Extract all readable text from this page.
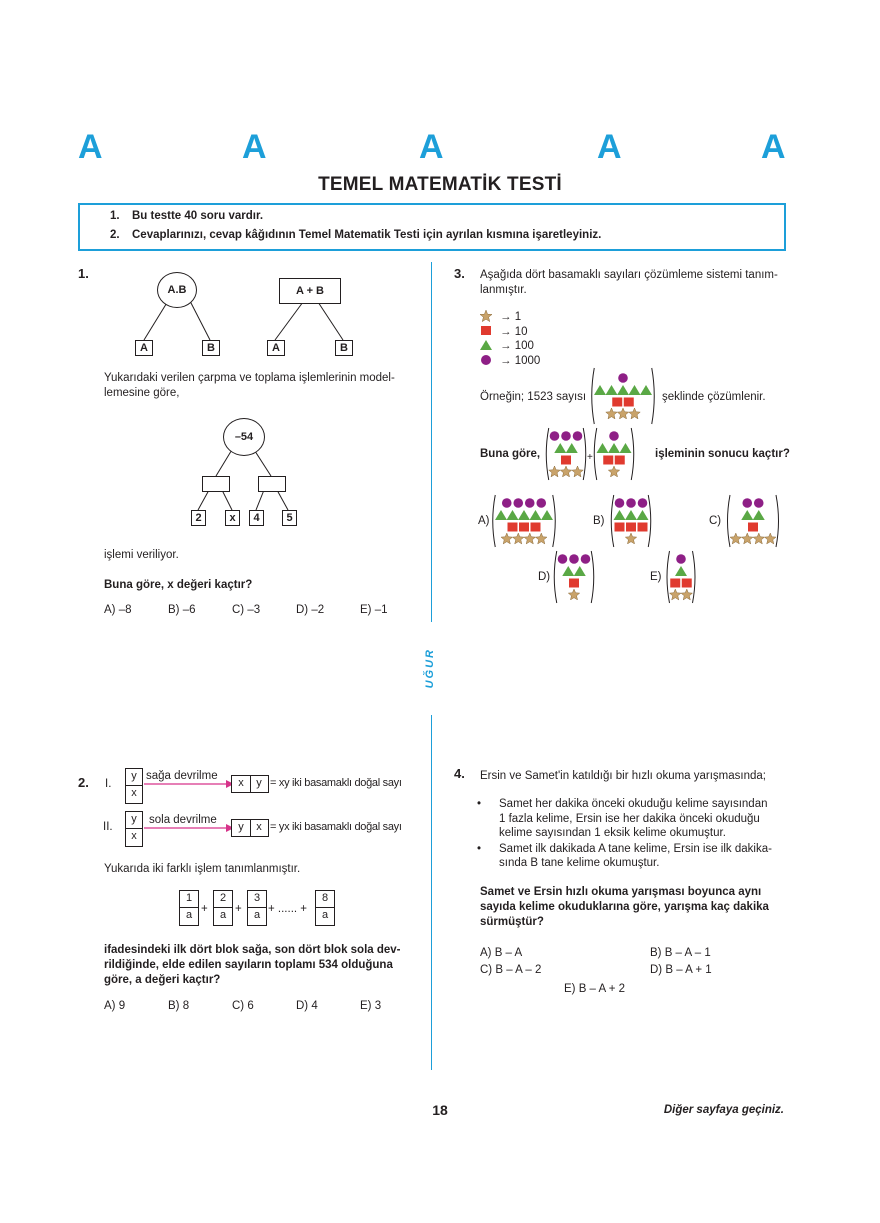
A	A	A	A	A
TEMEL MATEMATİK TESTİ
1. Bu testte 40 soru vardır.
2. Cevaplarınızı, cevap kâğıdının Temel Matematik Testi için ayrılan kısmına işaretleyiniz.
UĞUR
1.
A.B
A	B
A + B
A	B
Yukarıdaki verilen çarpma ve toplama işlemlerinin model-
lemesine göre,
–54
2	x	4	5
işlemi veriliyor.
Buna göre, x değeri kaçtır?
A) –8	B) –6	C) –3	D) –2	E) –1
2. I.
y
x
sağa devrilme
x	y = xy iki basamaklı doğal sayı
II.
y
x
sola devrilme
y	x = yx iki basamaklı doğal sayı
Yukarıda iki farklı işlem tanımlanmıştır.
1
a +
2
a +
3
a + ...... +
8
a
ifadesindeki ilk dört blok sağa, son dört blok sola dev-
rildiğinde, elde edilen sayıların toplamı 534 olduğuna
göre, a değeri kaçtır?
A) 9	B) 8	C) 6	D) 4	E) 3
3. Aşağıda dört basamaklı sayıları çözümleme sistemi tanım-
lanmıştır.
→ 1
→ 10
→ 100
→ 1000
Örneğin; 1523 sayısı	şeklinde çözümlenir.
Buna göre,	işleminin sonucu kaçtır?
+
A)	B)	C)
D)	E)
4. Ersin ve Samet'in katıldığı bir hızlı okuma yarışmasında;
• Samet her dakika önceki okuduğu kelime sayısından
1 fazla kelime, Ersin ise her dakika önceki okuduğu
kelime sayısından 1 eksik kelime okumuştur.
• Samet ilk dakikada A tane kelime, Ersin ise ilk dakika-
sında B tane kelime okumuştur.
Samet ve Ersin hızlı okuma yarışması boyunca aynı
sayıda kelime okuduklarına göre, yarışma kaç dakika
sürmüştür?
A) B – A	B) B – A – 1
C) B – A – 2	D) B – A + 1
E) B – A + 2
18	Diğer sayfaya geçiniz.
